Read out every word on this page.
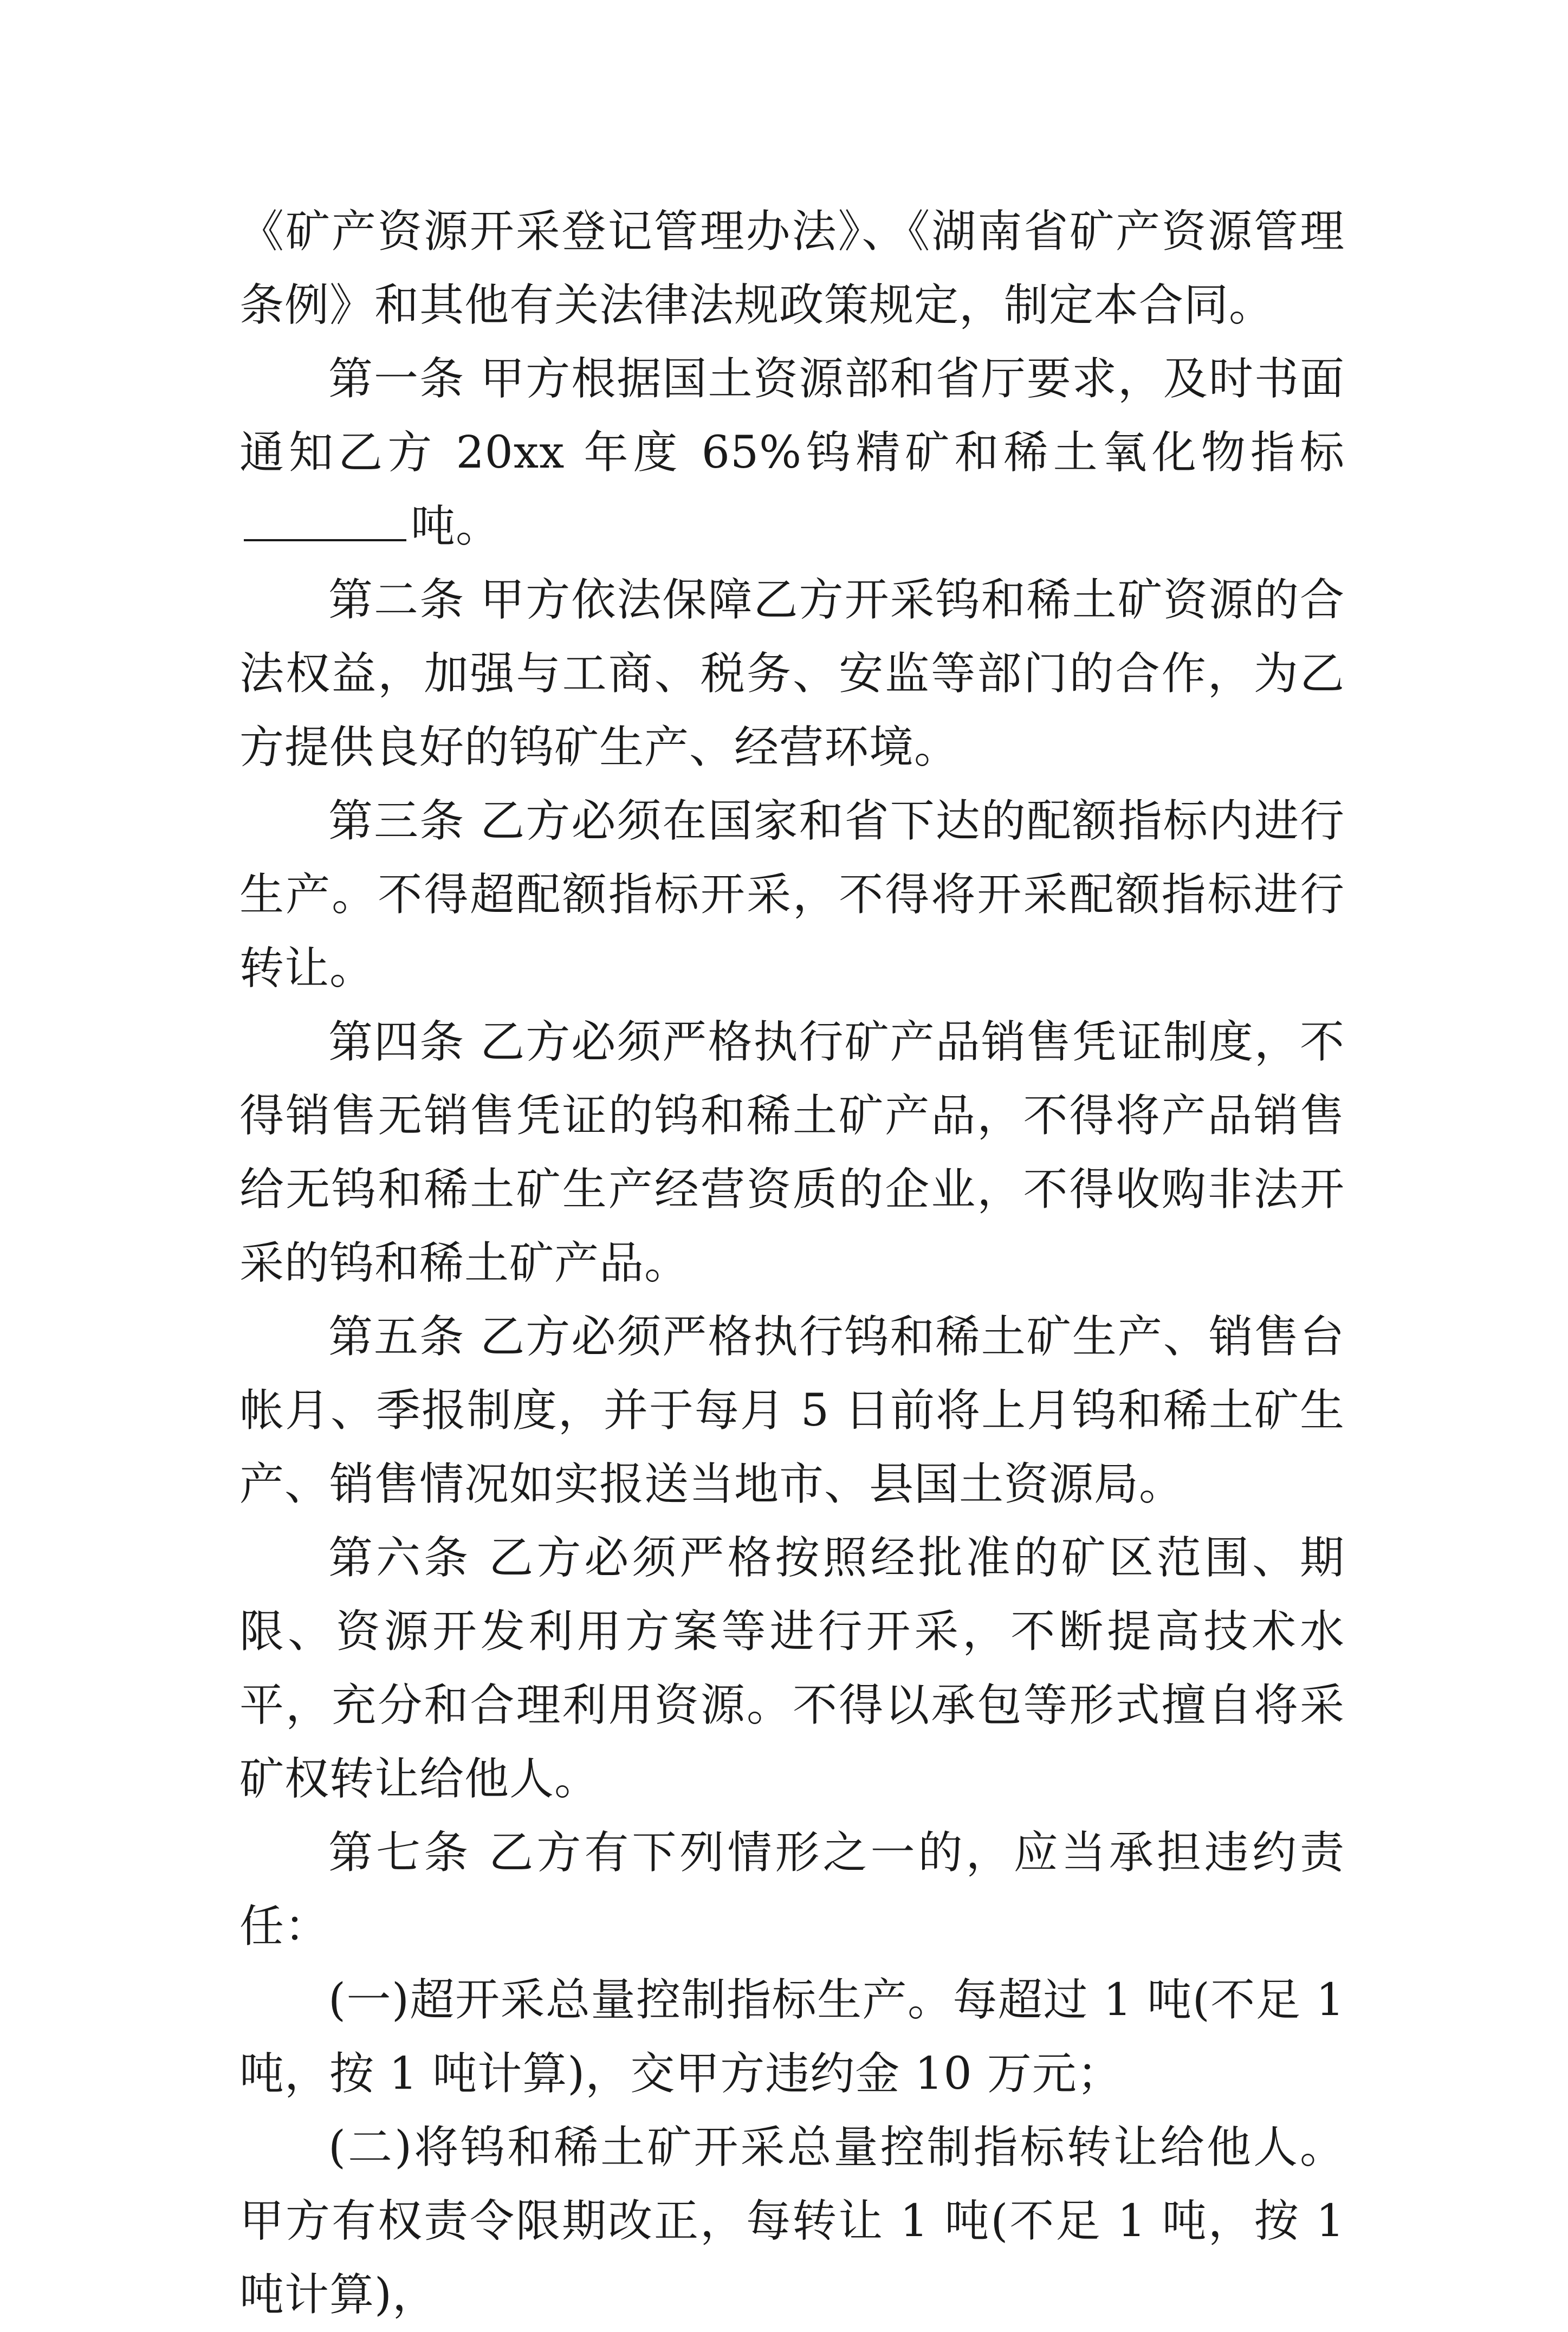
《矿产资源开采登记管理办法》、《湖南省矿产资源管理条例》和其他有关法律法规政策规定，制定本合同。

第一条 甲方根据国土资源部和省厅要求，及时书面通知乙方 20xx 年度 65%钨精矿和稀土氧化物指标吨。

第二条 甲方依法保障乙方开采钨和稀土矿资源的合法权益，加强与工商、税务、安监等部门的合作，为乙方提供良好的钨矿生产、经营环境。

第三条 乙方必须在国家和省下达的配额指标内进行生产。不得超配额指标开采，不得将开采配额指标进行转让。

第四条 乙方必须严格执行矿产品销售凭证制度，不得销售无销售凭证的钨和稀土矿产品，不得将产品销售给无钨和稀土矿生产经营资质的企业，不得收购非法开采的钨和稀土矿产品。

第五条 乙方必须严格执行钨和稀土矿生产、销售台帐月、季报制度，并于每月 5 日前将上月钨和稀土矿生产、销售情况如实报送当地市、县国土资源局。

第六条 乙方必须严格按照经批准的矿区范围、期限、资源开发利用方案等进行开采，不断提高技术水平，充分和合理利用资源。不得以承包等形式擅自将采矿权转让给他人。

第七条 乙方有下列情形之一的，应当承担违约责任：

(一)超开采总量控制指标生产。每超过 1 吨(不足 1 吨，按 1 吨计算)，交甲方违约金 10 万元；

(二)将钨和稀土矿开采总量控制指标转让给他人。甲方有权责令限期改正，每转让 1 吨(不足 1 吨，按 1 吨计算)，
